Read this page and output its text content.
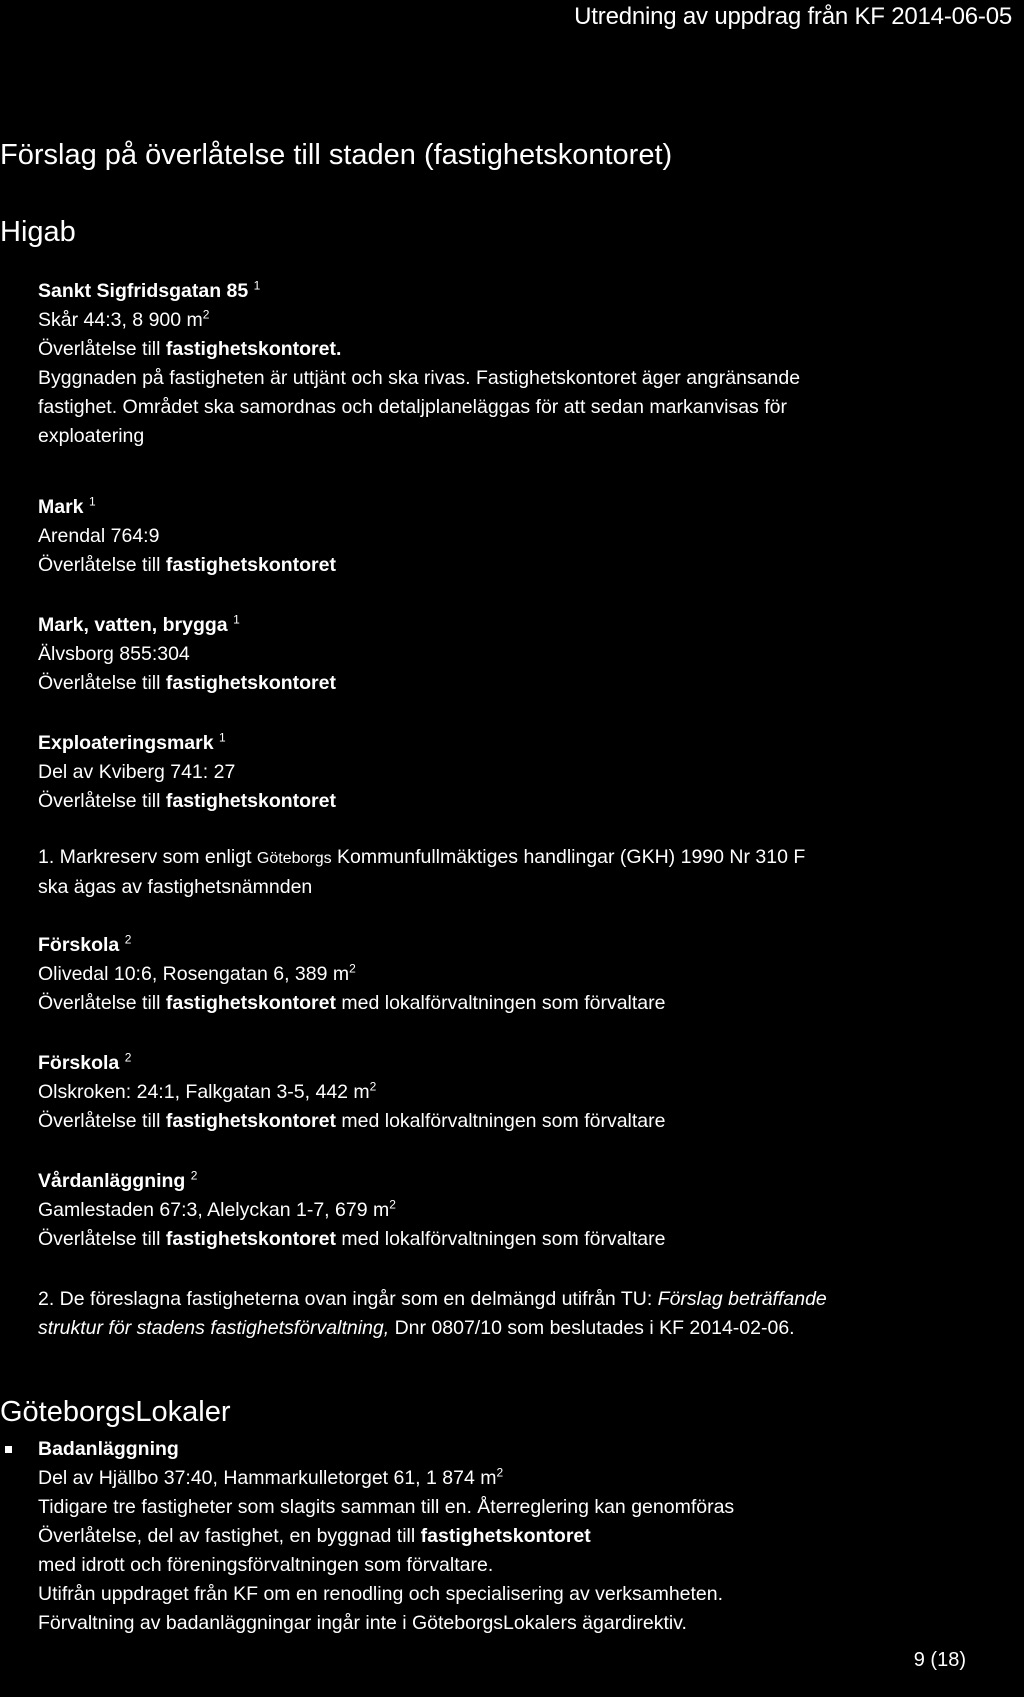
Utredning av uppdrag från KF 2014-06-05
Förslag på överlåtelse till staden (fastighetskontoret)
Higab
Sankt Sigfridsgatan 85 $^1$
Skår 44:3, 8 900 $m^2$
Överlåtelse till fastighetskontoret.
Byggnaden på fastigheten är uttjänt och ska rivas. Fastighetskontoret äger angränsande
fastighet. Området ska samordnas och detaljplaneläggas för att sedan markanvisas för
exploatering
Mark $^1$
Arendal 764:9
Överlåtelse till fastighetskontoret
Mark, vatten, brygga $^1$
Älvsborg 855:304
Överlåtelse till fastighetskontoret
Exploateringsmark $^1$
Del av Kviberg 741: 27
Överlåtelse till fastighetskontoret
1. Markreserv som enligt Göteborgs Kommunfullmäktiges handlingar (GKH) 1990 Nr 310 F
ska ägas av fastighetsnämnden
Förskola $^2$
Olivedal 10:6, Rosengatan 6, 389 $m^2$
Överlåtelse till fastighetskontoret med lokalförvaltningen som förvaltare
Förskola $^2$
Olskroken: 24:1, Falkgatan 3-5, 442 $m^2$
Överlåtelse till fastighetskontoret med lokalförvaltningen som förvaltare
Vårdanläggning $^2$
Gamlestaden 67:3, Alelyckan 1-7, 679 $m^2$
Överlåtelse till fastighetskontoret med lokalförvaltningen som förvaltare
2. De föreslagna fastigheterna ovan ingår som en delmängd utifrån TU: Förslag beträffande
struktur för stadens fastighetsförvaltning, Dnr 0807/10 som beslutades i KF 2014-02-06.
GöteborgsLokaler
Badanläggning
Del av Hjällbo 37:40, Hammarkulletorget 61, 1 874 $m^2$
Tidigare tre fastigheter som slagits samman till en. Återreglering kan genomföras
Överlåtelse, del av fastighet, en byggnad till fastighetskontoret
med idrott och föreningsförvaltningen som förvaltare.
Utifrån uppdraget från KF om en renodling och specialisering av verksamheten.
Förvaltning av badanläggningar ingår inte i GöteborgsLokalers ägardirektiv.
9 (18)
